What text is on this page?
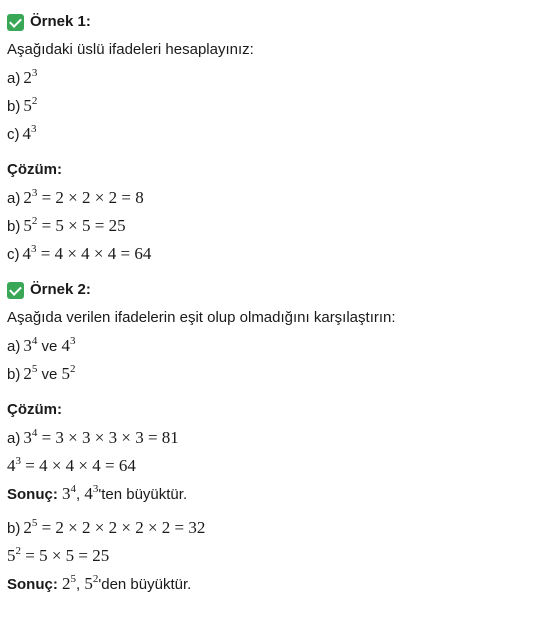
Örnek 1:
Aşağıdaki üslü ifadeleri hesaplayınız:
a) $2^3$
b) $5^2$
c) $4^3$
Çözüm:
a) $2^3 = 2 \times 2 \times 2 = 8$
b) $5^2 = 5 \times 5 = 25$
c) $4^3 = 4 \times 4 \times 4 = 64$
Örnek 2:
Aşağıda verilen ifadelerin eşit olup olmadığını karşılaştırın:
a) $3^4$ ve $4^3$
b) $2^5$ ve $5^2$
Çözüm:
a) $3^4 = 3 \times 3 \times 3 \times 3 = 81$
$4^3 = 4 \times 4 \times 4 = 64$
Sonuç: $3^4$, $4^3'ten$ büyüktür.
b) $2^5 = 2 \times 2 \times 2 \times 2 \times 2 = 32$
$5^2 = 5 \times 5 = 25$
Sonuç: $2^5$, $5^2'den$ büyüktür.
